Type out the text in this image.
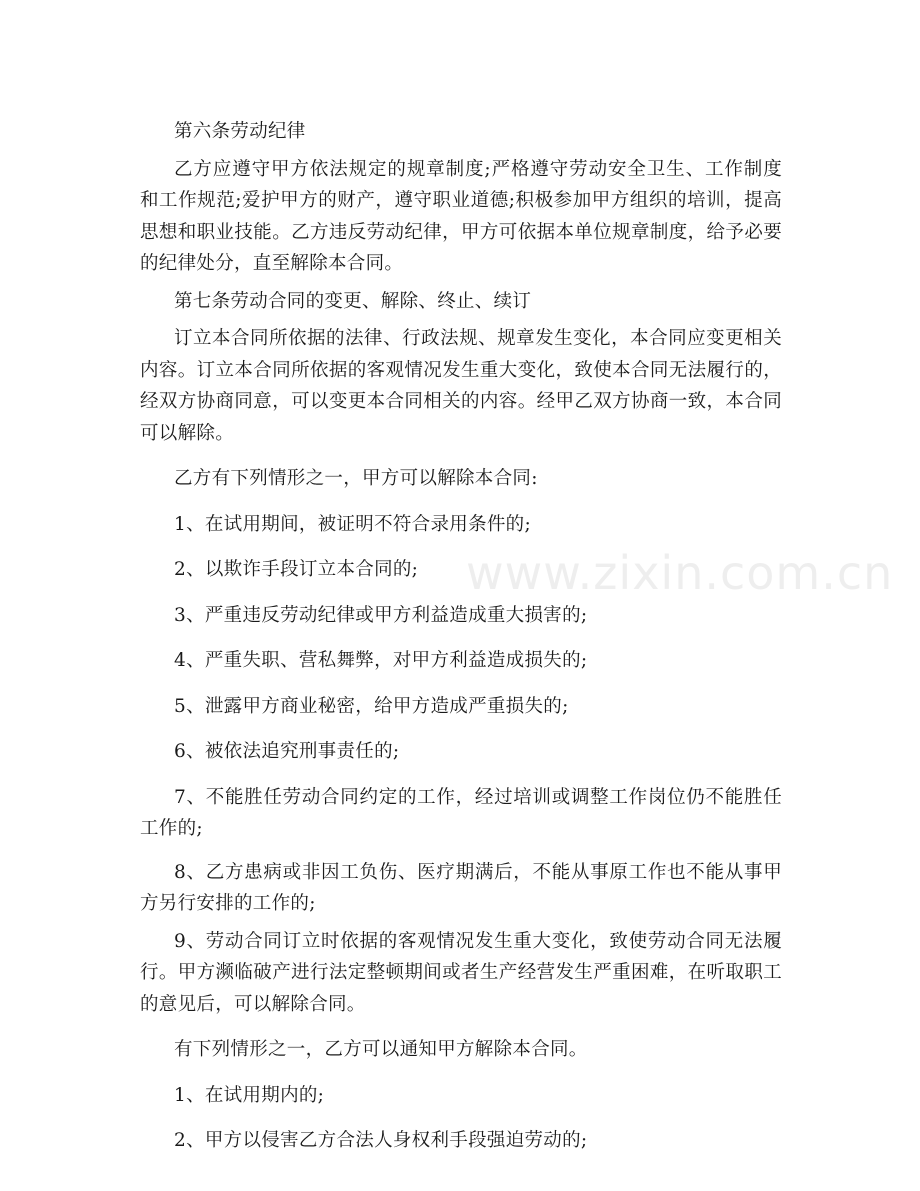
第六条劳动纪律

乙方应遵守甲方依法规定的规章制度;严格遵守劳动安全卫生、工作制度和工作规范;爱护甲方的财产，遵守职业道德;积极参加甲方组织的培训，提高思想和职业技能。乙方违反劳动纪律，甲方可依据本单位规章制度，给予必要的纪律处分，直至解除本合同。

第七条劳动合同的变更、解除、终止、续订

订立本合同所依据的法律、行政法规、规章发生变化，本合同应变更相关内容。订立本合同所依据的客观情况发生重大变化，致使本合同无法履行的，经双方协商同意，可以变更本合同相关的内容。经甲乙双方协商一致，本合同可以解除。

乙方有下列情形之一，甲方可以解除本合同:

1、在试用期间，被证明不符合录用条件的;

2、以欺诈手段订立本合同的;

3、严重违反劳动纪律或甲方利益造成重大损害的;

4、严重失职、营私舞弊，对甲方利益造成损失的;

5、泄露甲方商业秘密，给甲方造成严重损失的;

6、被依法追究刑事责任的;

7、不能胜任劳动合同约定的工作，经过培训或调整工作岗位仍不能胜任工作的;

8、乙方患病或非因工负伤、医疗期满后，不能从事原工作也不能从事甲方另行安排的工作的;

9、劳动合同订立时依据的客观情况发生重大变化，致使劳动合同无法履行。甲方濒临破产进行法定整顿期间或者生产经营发生严重困难，在听取职工的意见后，可以解除合同。

有下列情形之一，乙方可以通知甲方解除本合同。

1、在试用期内的;

2、甲方以侵害乙方合法人身权利手段强迫劳动的;

www.zixin.com.cn
